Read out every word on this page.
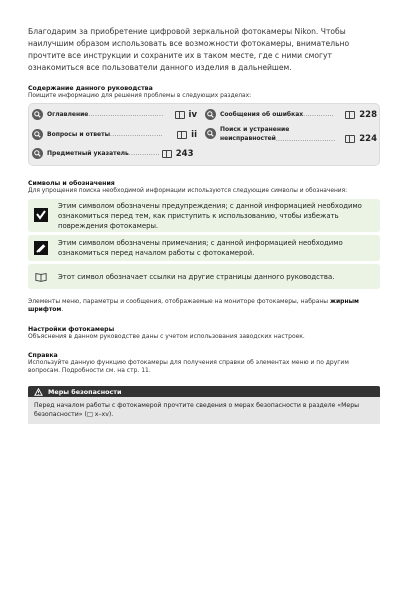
Благодарим за приобретение цифровой зеркальной фотокамеры Nikon. Чтобы наилучшим образом использовать все возможности фотокамеры, внимательно прочтите все инструкции и сохраните их в таком месте, где с ними смогут ознакомиться все пользователи данного изделия в дальнейшем.

Содержание данного руководства

Поищите информацию для решения проблемы в следующих разделах:

Оглавление ..................................	iv
Вопросы и ответы ........................	ii
Предметный указатель .............. 243
Сообщения об ошибках ..............	228
Поиск и устранение
неисправностей ...........................	224

Символы и обозначения

Для упрощения поиска необходимой информации используются следующие символы и обозначения:

Этим символом обозначены предупреждения; с данной информацией необходимо ознакомиться перед тем, как приступить к использованию, чтобы избежать повреждения фотокамеры.
Этим символом обозначены примечания; с данной информацией необходимо ознакомиться перед началом работы с фотокамерой.
Этот символ обозначает ссылки на другие страницы данного руководства.

Элементы меню, параметры и сообщения, отображаемые на мониторе фотокамеры, набраны жирным шрифтом.

Настройки фотокамеры

Объяснения в данном руководстве даны с учетом использования заводских настроек.

Справка

Используйте данную функцию фотокамеры для получения справки об элементах меню и по другим вопросам. Подробности см. на стр. 11.

Меры безопасности
Перед началом работы с фотокамерой прочтите сведения о мерах безопасности в разделе «Меры безопасности» (□ x–xv).
